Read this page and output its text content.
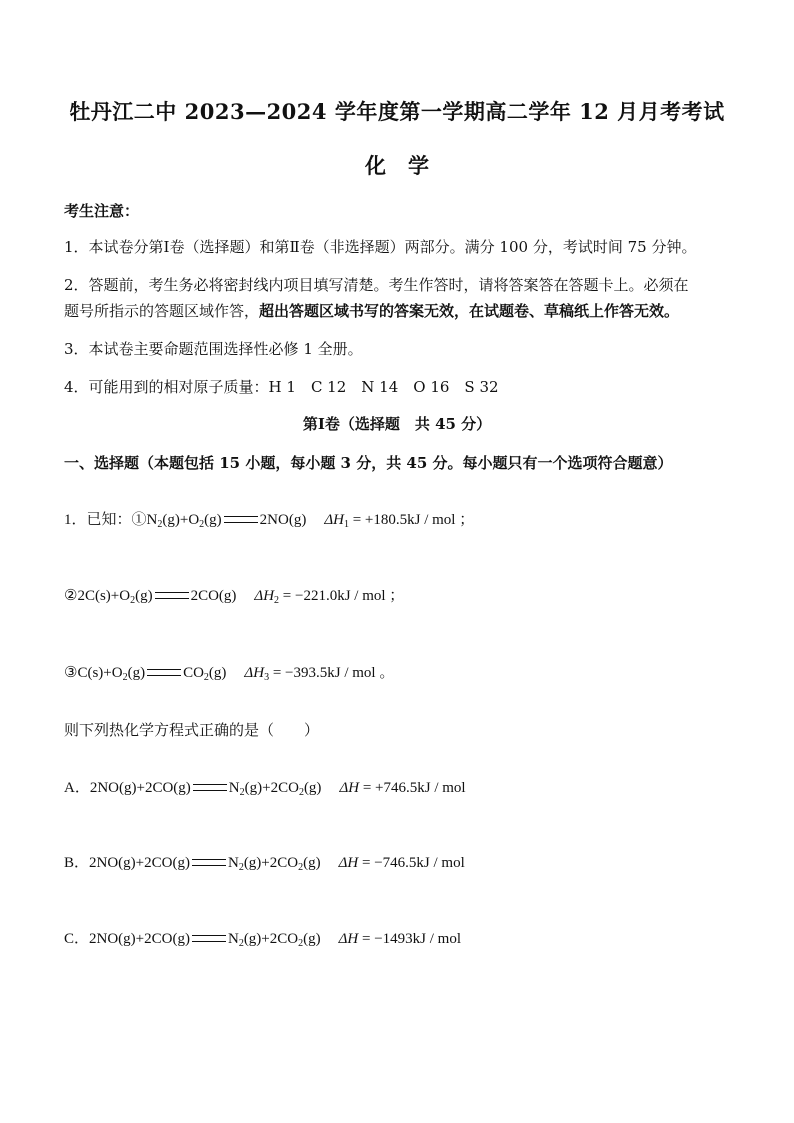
牡丹江二中 2023—2024 学年度第一学期高二学年 12 月月考考试
化学
考生注意：
1．本试卷分第Ⅰ卷（选择题）和第Ⅱ卷（非选择题）两部分。满分 100 分，考试时间 75 分钟。
2．答题前，考生务必将密封线内项目填写清楚。考生作答时，请将答案答在答题卡上。必须在
题号所指示的答题区域作答，超出答题区域书写的答案无效，在试题卷、草稿纸上作答无效。
3．本试卷主要命题范围选择性必修 1 全册。
4．可能用到的相对原子质量：H 1　C 12　N 14　O 16　S 32
第Ⅰ卷（选择题　共 45 分）
一、选择题（本题包括 15 小题，每小题 3 分，共 45 分。每小题只有一个选项符合题意）
1．已知：$①N_2(g)+O_2(g)$	2NO(g) $\Delta H_1 = +180.5kJ$ / mol ；
$②2C(s)+O_2(g)$	2CO(g) $\Delta H_2 = -221.0kJ$ / mol ；
$③C(s)+O_2(g)$	$CO_2(g) \Delta H_3 = -393.5kJ$ / mol 。
则下列热化学方程式正确的是（　　）
A．2NO(g)+2CO(g)	$N_2(g)+2CO_2(g) \Delta H = +746.5kJ$ / mol
B．2NO(g)+2CO(g)	$N_2(g)+2CO_2(g) \Delta H = -746.5kJ$ / mol
C．2NO(g)+2CO(g)	$N_2(g)+2CO_2(g) \Delta H = -1493kJ$ / mol
